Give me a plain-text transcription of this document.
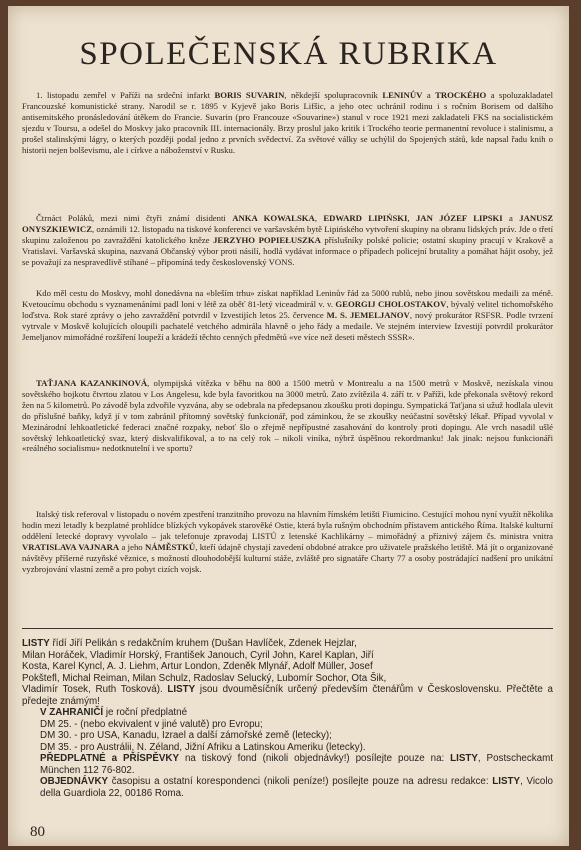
SPOLEČENSKÁ RUBRIKA

1. listopadu zemřel v Paříži na srdeční infarkt BORIS SUVARIN, někdejší spolupracovník LENINŮV a TROCKÉHO a spoluzakladatel Francouzské komunistické strany. Narodil se r. 1895 v Kyjevě jako Boris Lifšic, a jeho otec uchránil rodinu i s ročním Borisem od dalšího antisemitského pronásledování útěkem do Francie. Suvarin (pro Francouze «Souvarine») stanul v roce 1921 mezi zakladateli FKS na socialistickém sjezdu v Toursu, a odešel do Moskvy jako pracovník III. internacionály. Brzy proslul jako kritik i Trockého teorie permanentní revoluce i stalinismu, a prošel stalinskými lágry, o kterých později podal jedno z prvních svědectví. Za světové války se uchýlil do Spojených států, kde napsal řadu knih o historii nejen bolševismu, ale i církve a náboženství v Rusku.

Čtrnáct Poláků, mezi nimi čtyři známí disidenti ANKA KOWALSKA, EDWARD LIPIŃSKI, JAN JÓZEF LIPSKI a JANUSZ ONYSZKIEWICZ, oznámili 12. listopadu na tiskové konferenci ve varšavském bytě Lipińského vytvoření skupiny na obranu lidských práv. Jde o třetí skupinu založenou po zavraždění katolického kněze JERZYHO POPIEŁUSZKA příslušníky polské policie; ostatní skupiny pracují v Krakově a Vratislavi. Varšavská skupina, nazvaná Občanský výbor proti násilí, hodlá vydávat informace o případech policejní brutality a pomáhat hájit osoby, jež se považují za nespravedlivě stíhané – připomíná tedy československý VONS.

Kdo měl cestu do Moskvy, mohl donedávna na «bleším trhu» získat například Leninův řád za 5000 rublů, nebo jinou sovětskou medaili za méně. Kvetoucímu obchodu s vyznamenáními padl loni v létě za oběť 81-letý viceadmirál v. v. GEORGIJ CHOLOSTAKOV, bývalý velitel tichomořského loďstva. Rok staré zprávy o jeho zavraždění potvrdil v Izvestijích letos 25. července M. S. JEMELJANOV, nový prokurátor RSFSR. Podle tvrzení vytrvale v Moskvě kolujících oloupili pachatelé vetchého admirála hlavně o jeho řády a medaile. Ve stejném interview Izvestijí potvrdil prokurátor Jemeljanov mimořádné rozšíření loupeží a krádeží těchto cenných předmětů «ve více než deseti městech SSSR».

TAŤJANA KAZANKINOVÁ, olympijská vítězka v běhu na 800 a 1500 metrů v Montrealu a na 1500 metrů v Moskvě, nezískala vinou sovětského bojkotu čtvrtou zlatou v Los Angelesu, kde byla favoritkou na 3000 metrů. Zato zvítězila 4. září tr. v Paříži, kde překonala světový rekord žen na 5 kilometrů. Po závodě byla zdvořile vyzvána, aby se odebrala na předepsanou zkoušku proti dopingu. Sympatická Taťjana si užuž hodlala ulevit do příslušné baňky, když jí v tom zabránil přítomný sovětský funkcionář, pod záminkou, že se zkoušky neúčastní sovětský lékař. Případ vyvolal v Mezinárodní lehkoatletické federaci značné rozpaky, neboť šlo o zřejmě nepřípustné zasahování do kontroly proti dopingu. Ale vrch nasadil ušlé sovětský lehkoatletický svaz, který diskvalifikoval, a to na celý rok – nikoli viníka, nýbrž úspěšnou rekordmanku! Jak jinak: nejsou funkcionáři «reálného socialismu» nedotknutelní i ve sportu?

Italský tisk referoval v listopadu o novém zpestření tranzitního provozu na hlavním římském letišti Fiumicino. Cestující mohou nyní využít několika hodin mezi letadly k bezplatné prohlídce blízkých vykopávek starověké Ostie, která byla rušným obchodním přístavem antického Říma. Italské kulturní oddělení letecké dopravy vyvolalo – jak telefonuje zpravodaj LISTŮ z letenské Kachlikárny – mimořádný a příznivý zájem čs. ministra vnitra VRATISLAVA VAJNARA a jeho NÁMĚSTKŮ, kteří údajně chystají zavedení obdobné atrakce pro uživatele pražského letiště. Má jít o organizované návštěvy příšerné ruzyňské věznice, s možností dlouhodobější kulturní stáže, zvláště pro signatáře Charty 77 a osoby postrádající nadšení pro unikátní vyzbrojování vlastní země a pro pobyt cizích vojsk.

LISTY řídí Jiří Pelikán s redakčním kruhem (Dušan Havlíček, Zdenek Hejzlar,
Milan Horáček, Vladimír Horský, František Janouch, Cyril John, Karel Kaplan, Jiří
Kosta, Karel Kyncl, A. J. Liehm, Artur London, Zdeněk Mlynář, Adolf Müller, Josef
Pokštefl, Michal Reiman, Milan Schulz, Radoslav Selucký, Lubomír Sochor, Ota Šik,
Vladimír Tosek, Ruth Tosková). LISTY jsou dvouměsíčník určený především čtenářům v Československu. Přečtěte a předejte známým!
V ZAHRANIČÍ je roční předplatné
DM 25. - (nebo ekvivalent v jiné valutě) pro Evropu;
DM 30. - pro USA, Kanadu, Izrael a další zámořské země (letecky);
DM 35. - pro Austrálii, N. Zéland, Jižní Afriku a Latinskou Ameriku (letecky).
PŘEDPLATNÉ a PŘÍSPĚVKY na tiskový fond (nikoli objednávky!) posílejte pouze na: LISTY, Postscheckamt München 112 76-802.
OBJEDNÁVKY časopisu a ostatní korespondenci (nikoli peníze!) posílejte pouze na adresu redakce: LISTY, Vicolo della Guardiola 22, 00186 Roma.
80
